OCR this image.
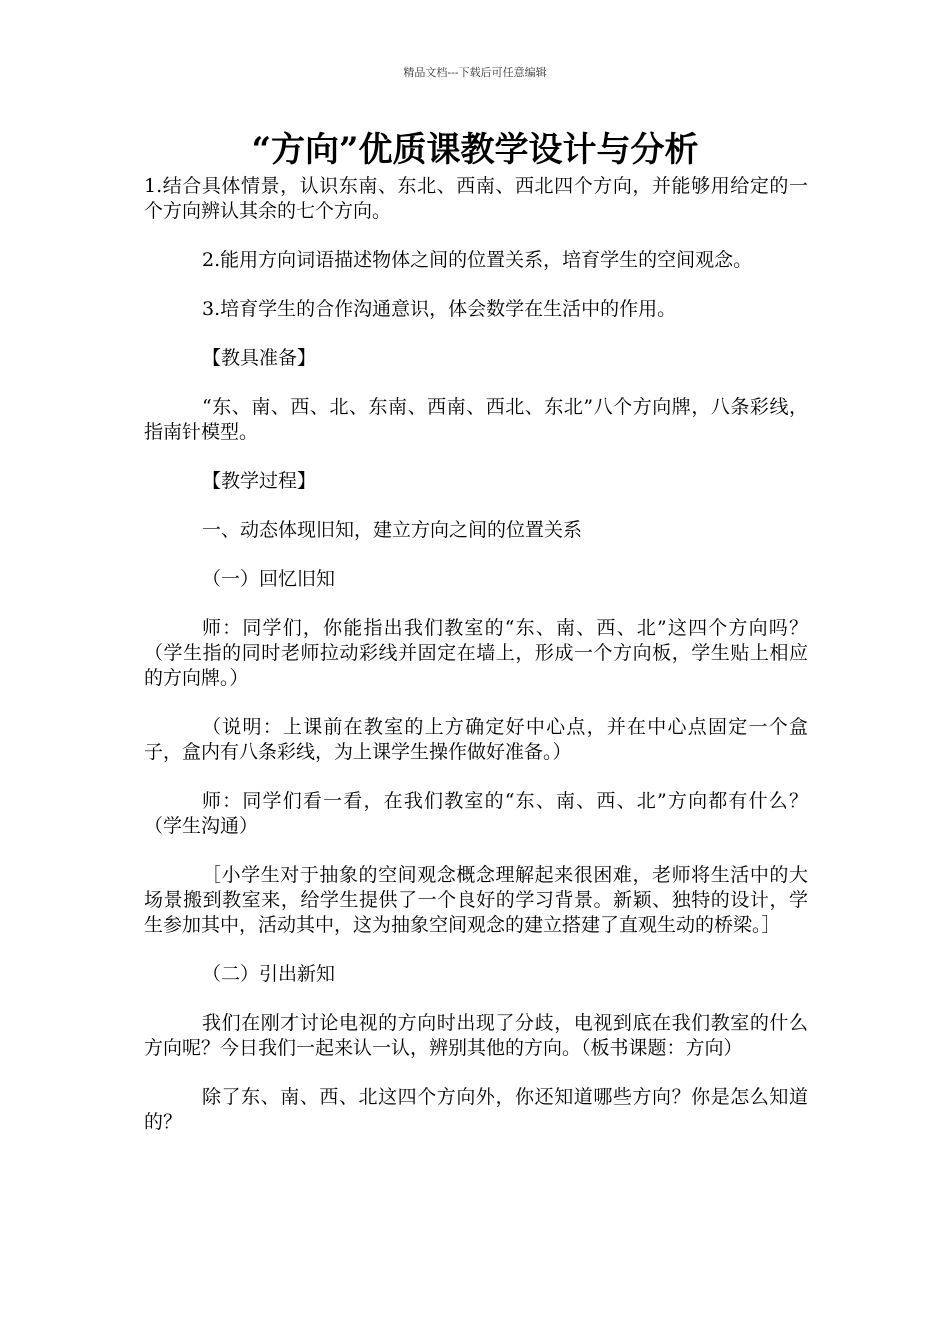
精品文档---下载后可任意编辑
“方向”优质课教学设计与分析

1.结合具体情景，认识东南、东北、西南、西北四个方向，并能够用给定的一个方向辨认其余的七个方向。

2.能用方向词语描述物体之间的位置关系，培育学生的空间观念。

3.培育学生的合作沟通意识，体会数学在生活中的作用。

【教具准备】

“东、南、西、北、东南、西南、西北、东北”八个方向牌，八条彩线，指南针模型。

【教学过程】

一、动态体现旧知，建立方向之间的位置关系

（一）回忆旧知

师：同学们，你能指出我们教室的“东、南、西、北”这四个方向吗？（学生指的同时老师拉动彩线并固定在墙上，形成一个方向板，学生贴上相应的方向牌。）

（说明：上课前在教室的上方确定好中心点，并在中心点固定一个盒子，盒内有八条彩线，为上课学生操作做好准备。）

师：同学们看一看，在我们教室的“东、南、西、北”方向都有什么？（学生沟通）

［小学生对于抽象的空间观念概念理解起来很困难，老师将生活中的大场景搬到教室来，给学生提供了一个良好的学习背景。新颖、独特的设计，学生参加其中，活动其中，这为抽象空间观念的建立搭建了直观生动的桥梁。］

（二）引出新知

我们在刚才讨论电视的方向时出现了分歧，电视到底在我们教室的什么方向呢？今日我们一起来认一认，辨别其他的方向。（板书课题：方向）

除了东、南、西、北这四个方向外，你还知道哪些方向？你是怎么知道的？
